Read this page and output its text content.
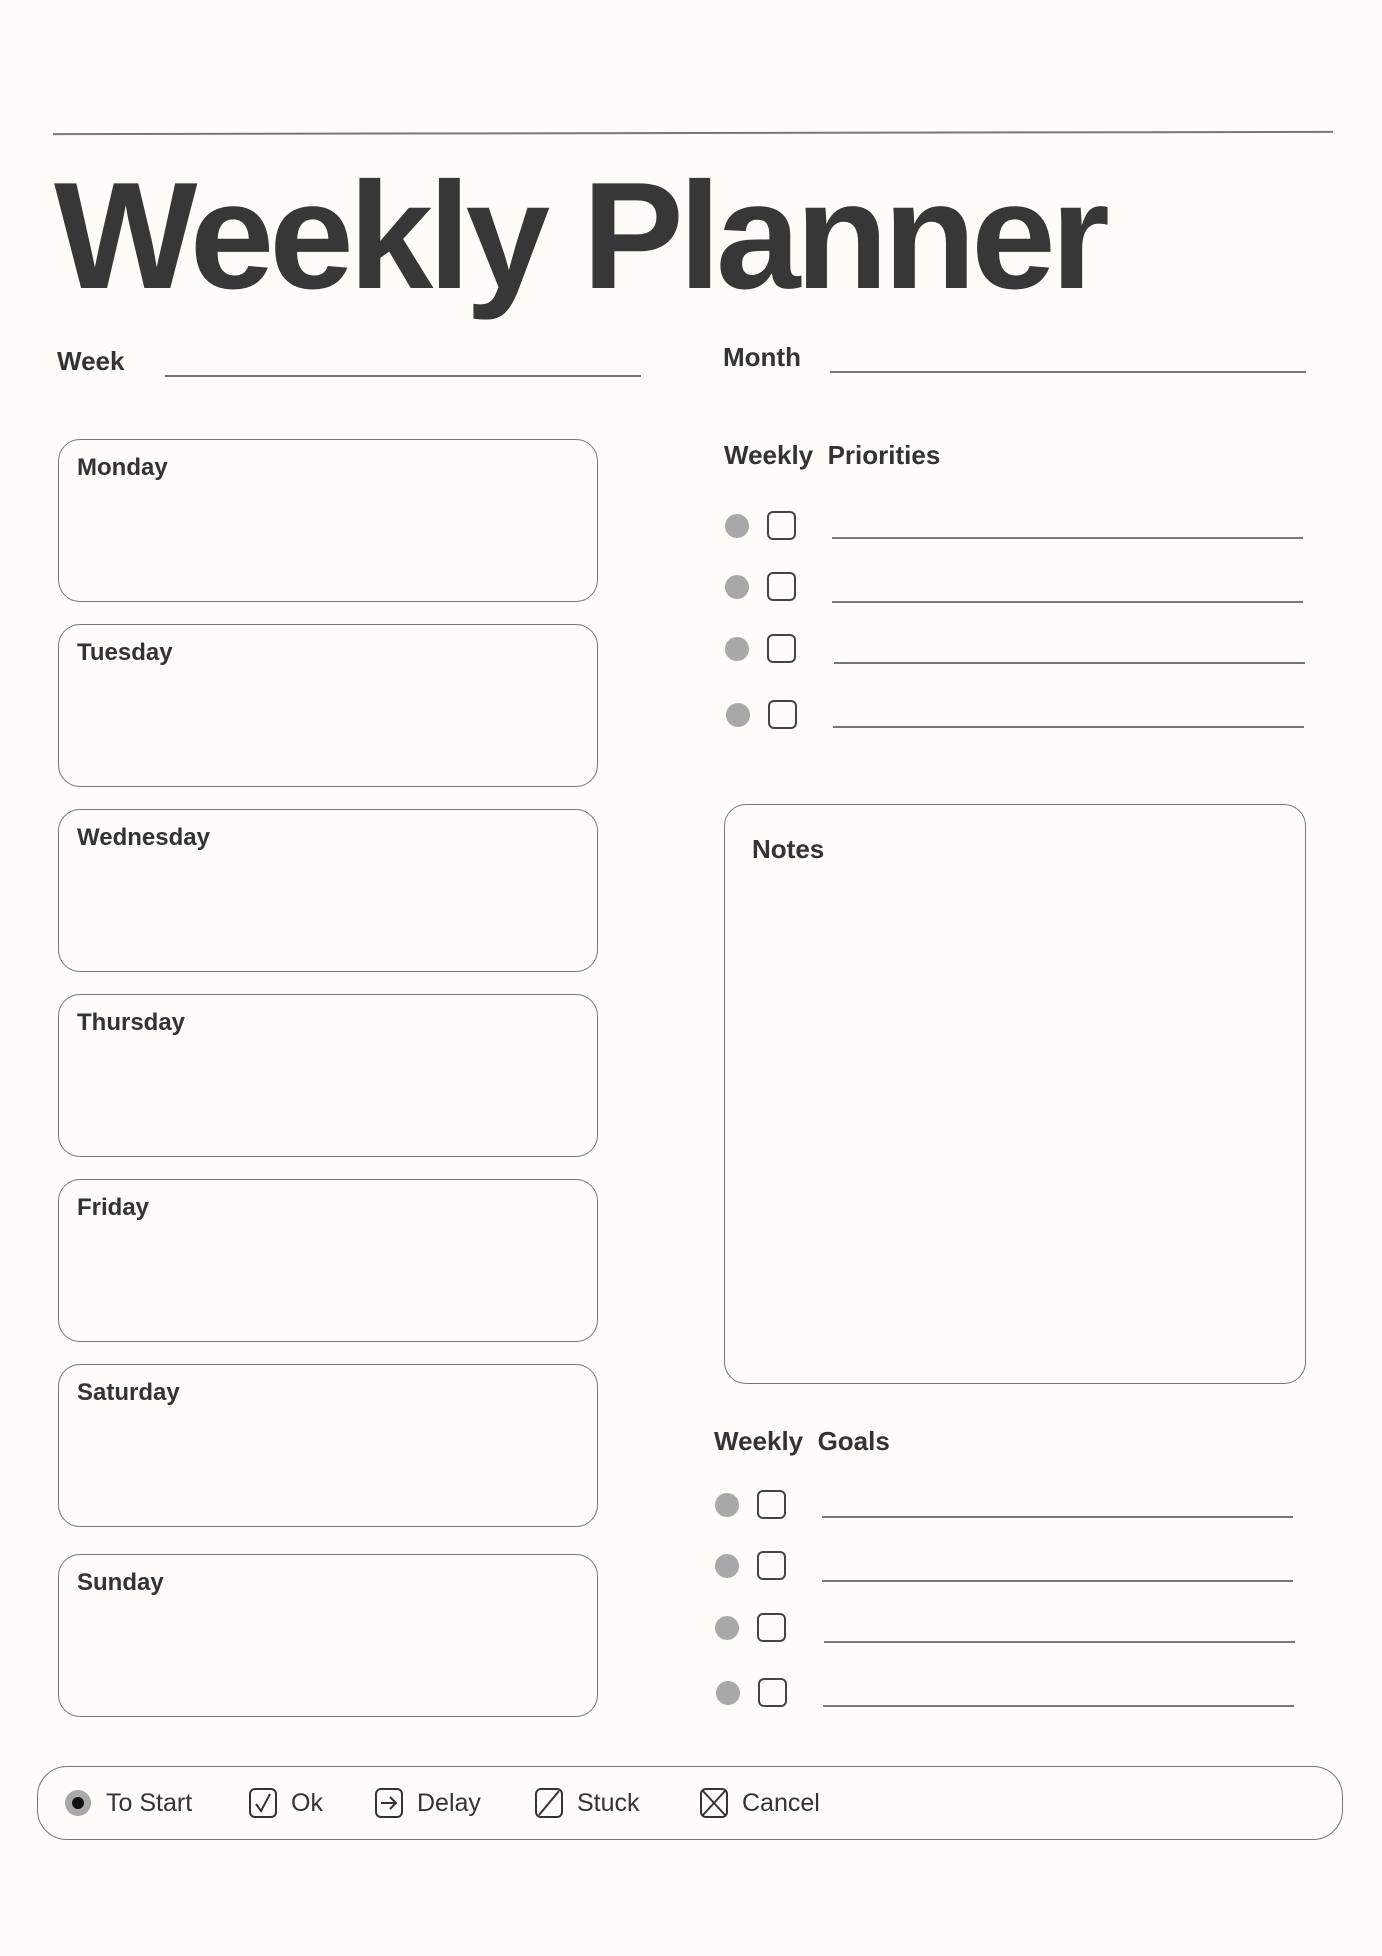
Weekly Planner
Week	Month
Monday
Tuesday
Wednesday
Thursday
Friday
Saturday
Sunday
Weekly  Priorities
Notes
Weekly  Goals
To Start	Ok	Delay	Stuck	Cancel
